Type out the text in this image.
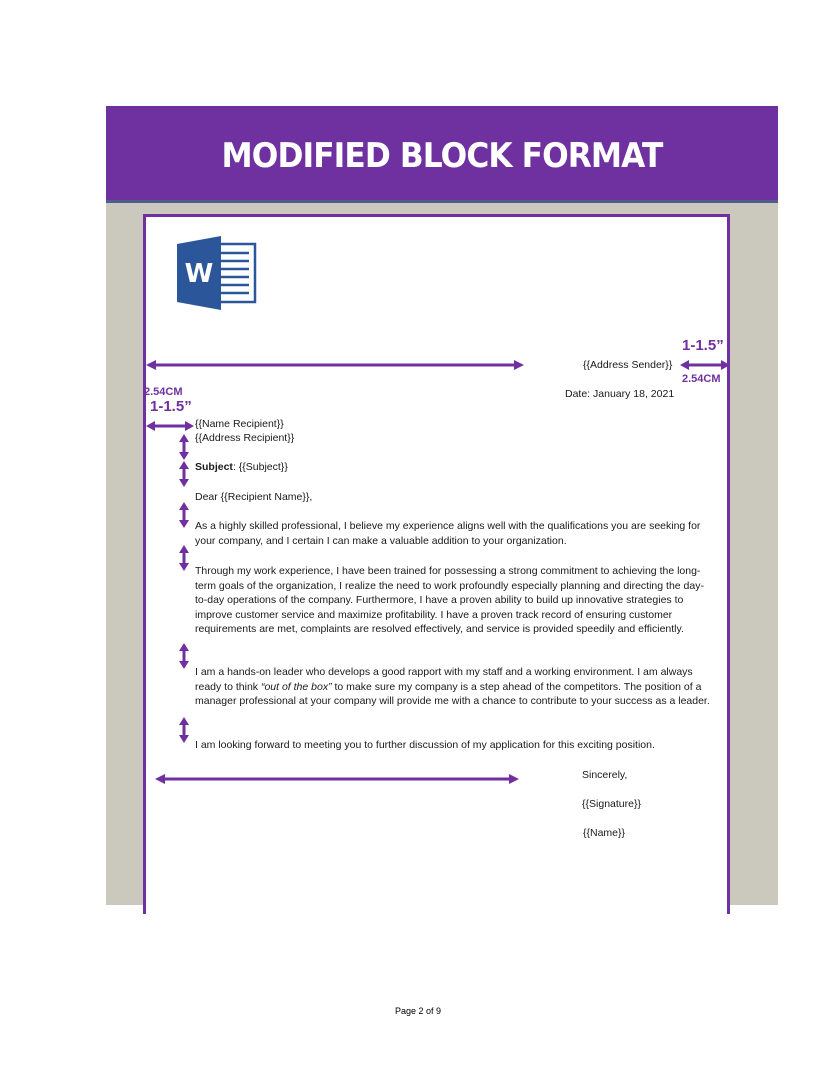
MODIFIED BLOCK FORMAT
W
1-1.5”
2.54CM
{{Address Sender}}
Date: January 18, 2021
2.54CM
1-1.5”
{{Name Recipient}}
{{Address Recipient}}
Subject: {{Subject}}
Dear {{Recipient Name}},
As a highly skilled professional, I believe my experience aligns well with the qualifications you are seeking for your company, and I certain I can make a valuable addition to your organization.
Through my work experience, I have been trained for possessing a strong commitment to achieving the long-term goals of the organization, I realize the need to work profoundly especially planning and directing the day-to-day operations of the company. Furthermore, I have a proven ability to build up innovative strategies to improve customer service and maximize profitability. I have a proven track record of ensuring customer requirements are met, complaints are resolved effectively, and service is provided speedily and efficiently.
I am a hands-on leader who develops a good rapport with my staff and a working environment. I am always ready to think “out of the box” to make sure my company is a step ahead of the competitors. The position of a manager professional at your company will provide me with a chance to contribute to your success as a leader.
I am looking forward to meeting you to further discussion of my application for this exciting position.
Sincerely,
{{Signature}}
{{Name}}
Page 2 of 9
